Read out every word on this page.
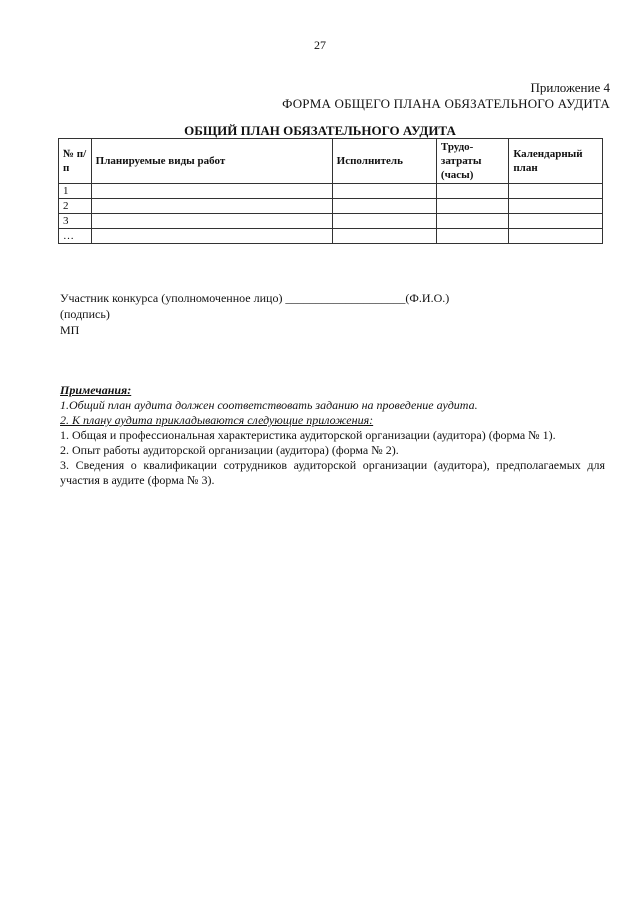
27
Приложение 4
ФОРМА ОБЩЕГО ПЛАНА ОБЯЗАТЕЛЬНОГО АУДИТА
ОБЩИЙ ПЛАН ОБЯЗАТЕЛЬНОГО АУДИТА
№ п/п	Планируемые виды работ	Исполнитель	Трудо-затраты (часы)	Календарный план
1				
2				
3				
…				
Участник конкурса (уполномоченное лицо) ____________________(Ф.И.О.)
(подпись)
МП
Примечания:
1.Общий план аудита должен соответствовать заданию на проведение аудита.
2. К плану аудита прикладываются следующие приложения:
1. Общая и профессиональная характеристика аудиторской организации (аудитора) (форма № 1).
2. Опыт работы аудиторской организации (аудитора) (форма № 2).
3. Сведения о квалификации сотрудников аудиторской организации (аудитора), предполагаемых для участия в аудите (форма № 3).
